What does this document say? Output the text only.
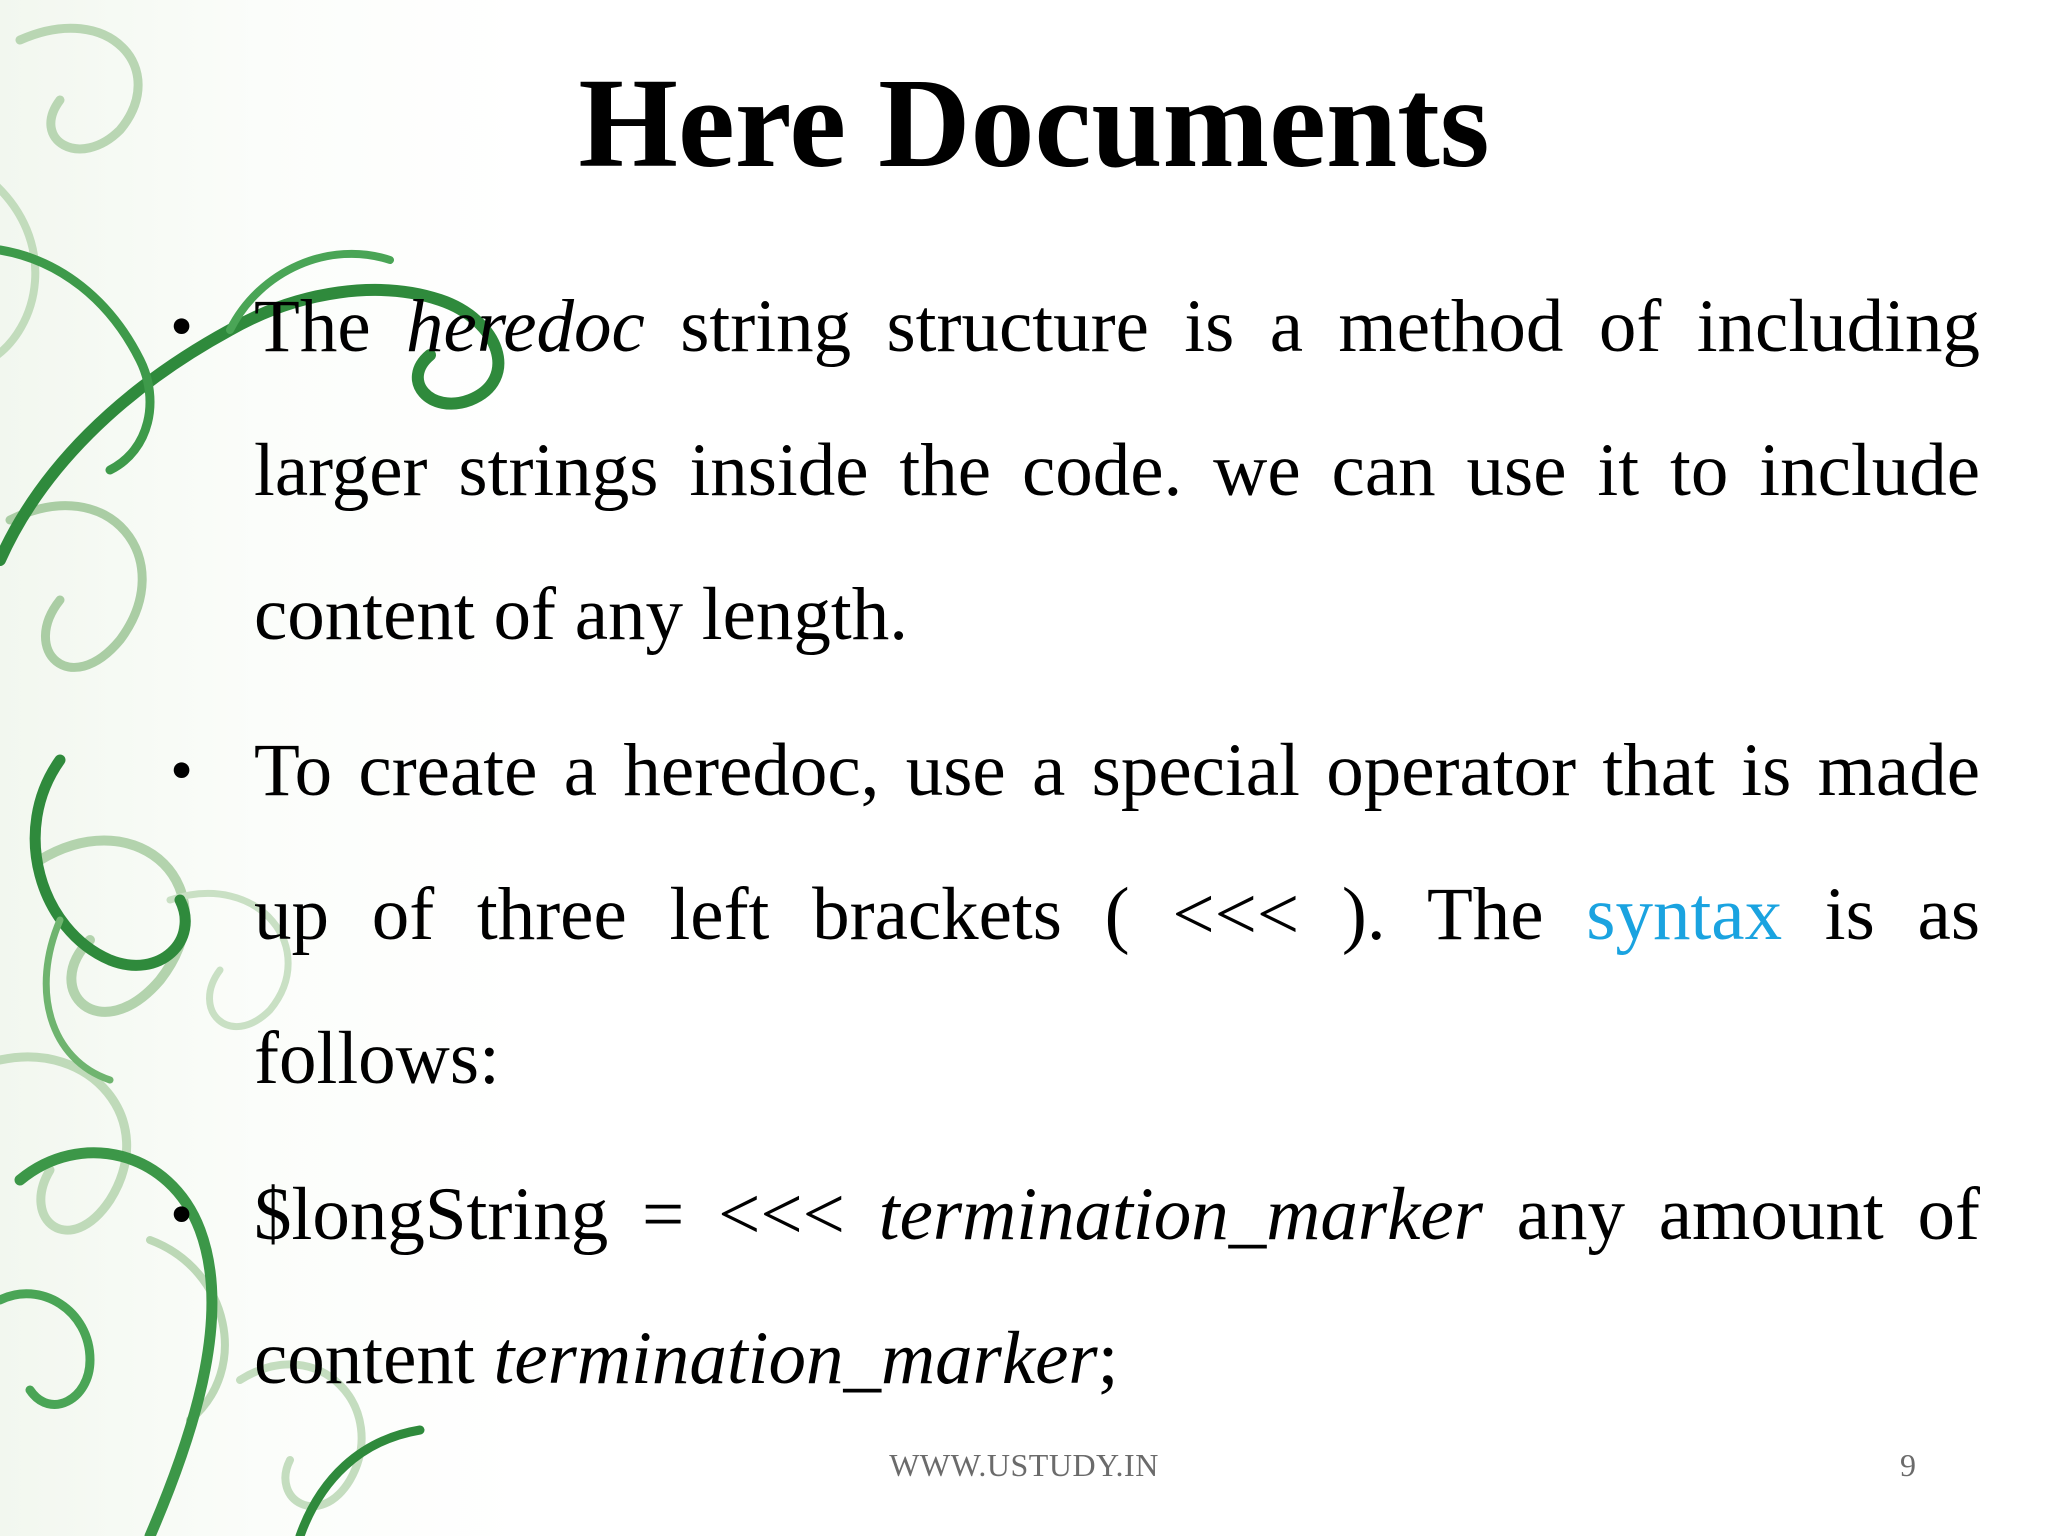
Here Documents
• The heredoc string structure is a method of including larger strings inside the code. we can use it to include content of any length.
• To create a heredoc, use a special operator that is made up of three left brackets ( <<< ). The syntax is as follows:
• $longString = <<< termination_marker any amount of content termination_marker;
WWW.USTUDY.IN	9
